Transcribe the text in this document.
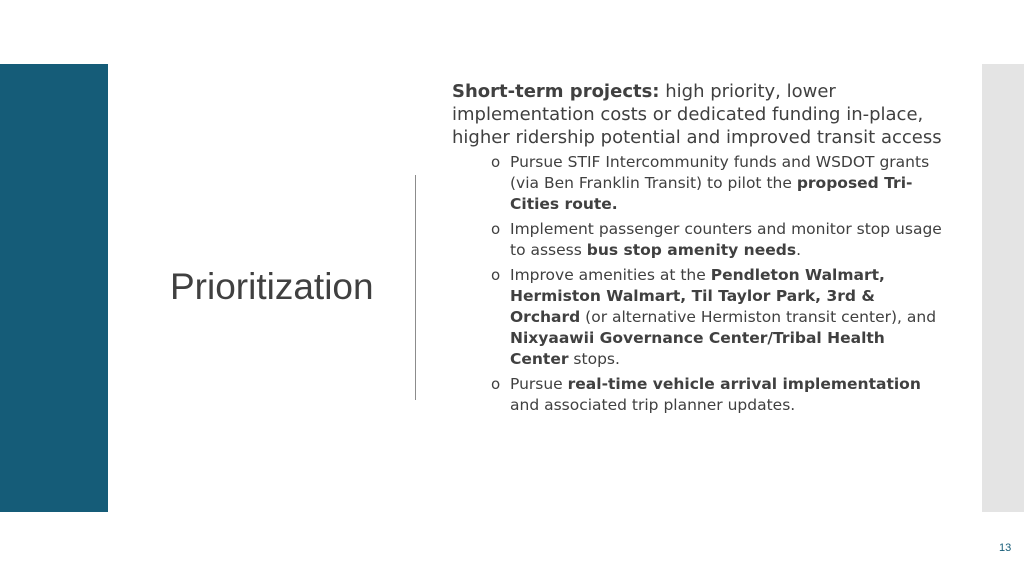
Prioritization

Short-term projects: high priority, lower implementation costs or dedicated funding in-place, higher ridership potential and improved transit access

o Pursue STIF Intercommunity funds and WSDOT grants (via Ben Franklin Transit) to pilot the proposed Tri-Cities route.
o Implement passenger counters and monitor stop usage to assess bus stop amenity needs.
o Improve amenities at the Pendleton Walmart, Hermiston Walmart, Til Taylor Park, 3rd & Orchard (or alternative Hermiston transit center), and Nixyaawii Governance Center/Tribal Health Center stops.
o Pursue real-time vehicle arrival implementation and associated trip planner updates.
13
